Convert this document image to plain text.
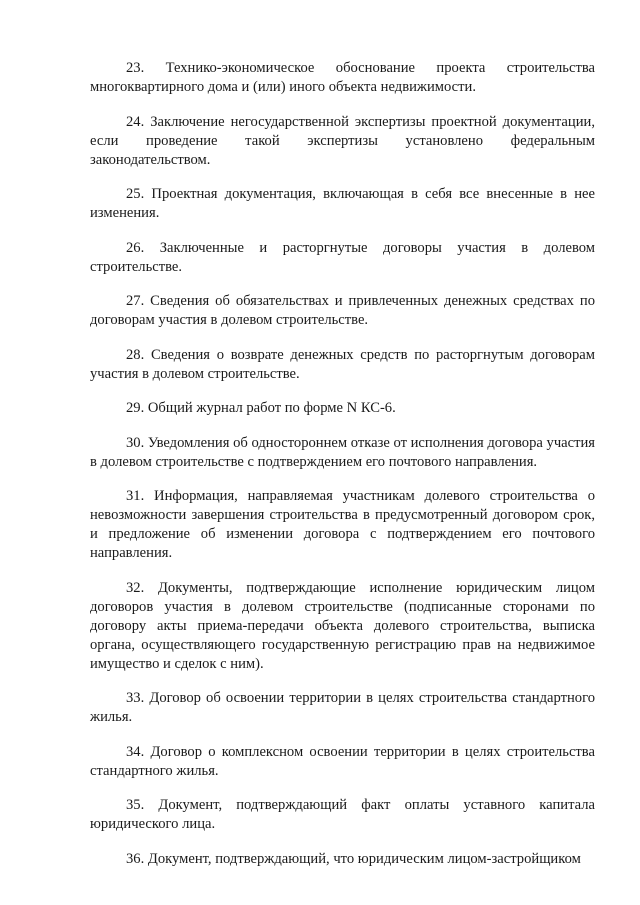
23. Технико-экономическое обоснование проекта строительства многоквартирного дома и (или) иного объекта недвижимости.

24. Заключение негосударственной экспертизы проектной документации, если проведение такой экспертизы установлено федеральным законодательством.

25. Проектная документация, включающая в себя все внесенные в нее изменения.

26. Заключенные и расторгнутые договоры участия в долевом строительстве.

27. Сведения об обязательствах и привлеченных денежных средствах по договорам участия в долевом строительстве.

28. Сведения о возврате денежных средств по расторгнутым договорам участия в долевом строительстве.

29. Общий журнал работ по форме N КС-6.

30. Уведомления об одностороннем отказе от исполнения договора участия в долевом строительстве с подтверждением его почтового направления.

31. Информация, направляемая участникам долевого строительства о невозможности завершения строительства в предусмотренный договором срок, и предложение об изменении договора с подтверждением его почтового направления.

32. Документы, подтверждающие исполнение юридическим лицом договоров участия в долевом строительстве (подписанные сторонами по договору акты приема-передачи объекта долевого строительства, выписка органа, осуществляющего государственную регистрацию прав на недвижимое имущество и сделок с ним).

33. Договор об освоении территории в целях строительства стандартного жилья.

34. Договор о комплексном освоении территории в целях строительства стандартного жилья.

35. Документ, подтверждающий факт оплаты уставного капитала юридического лица.

36. Документ, подтверждающий, что юридическим лицом-застройщиком
